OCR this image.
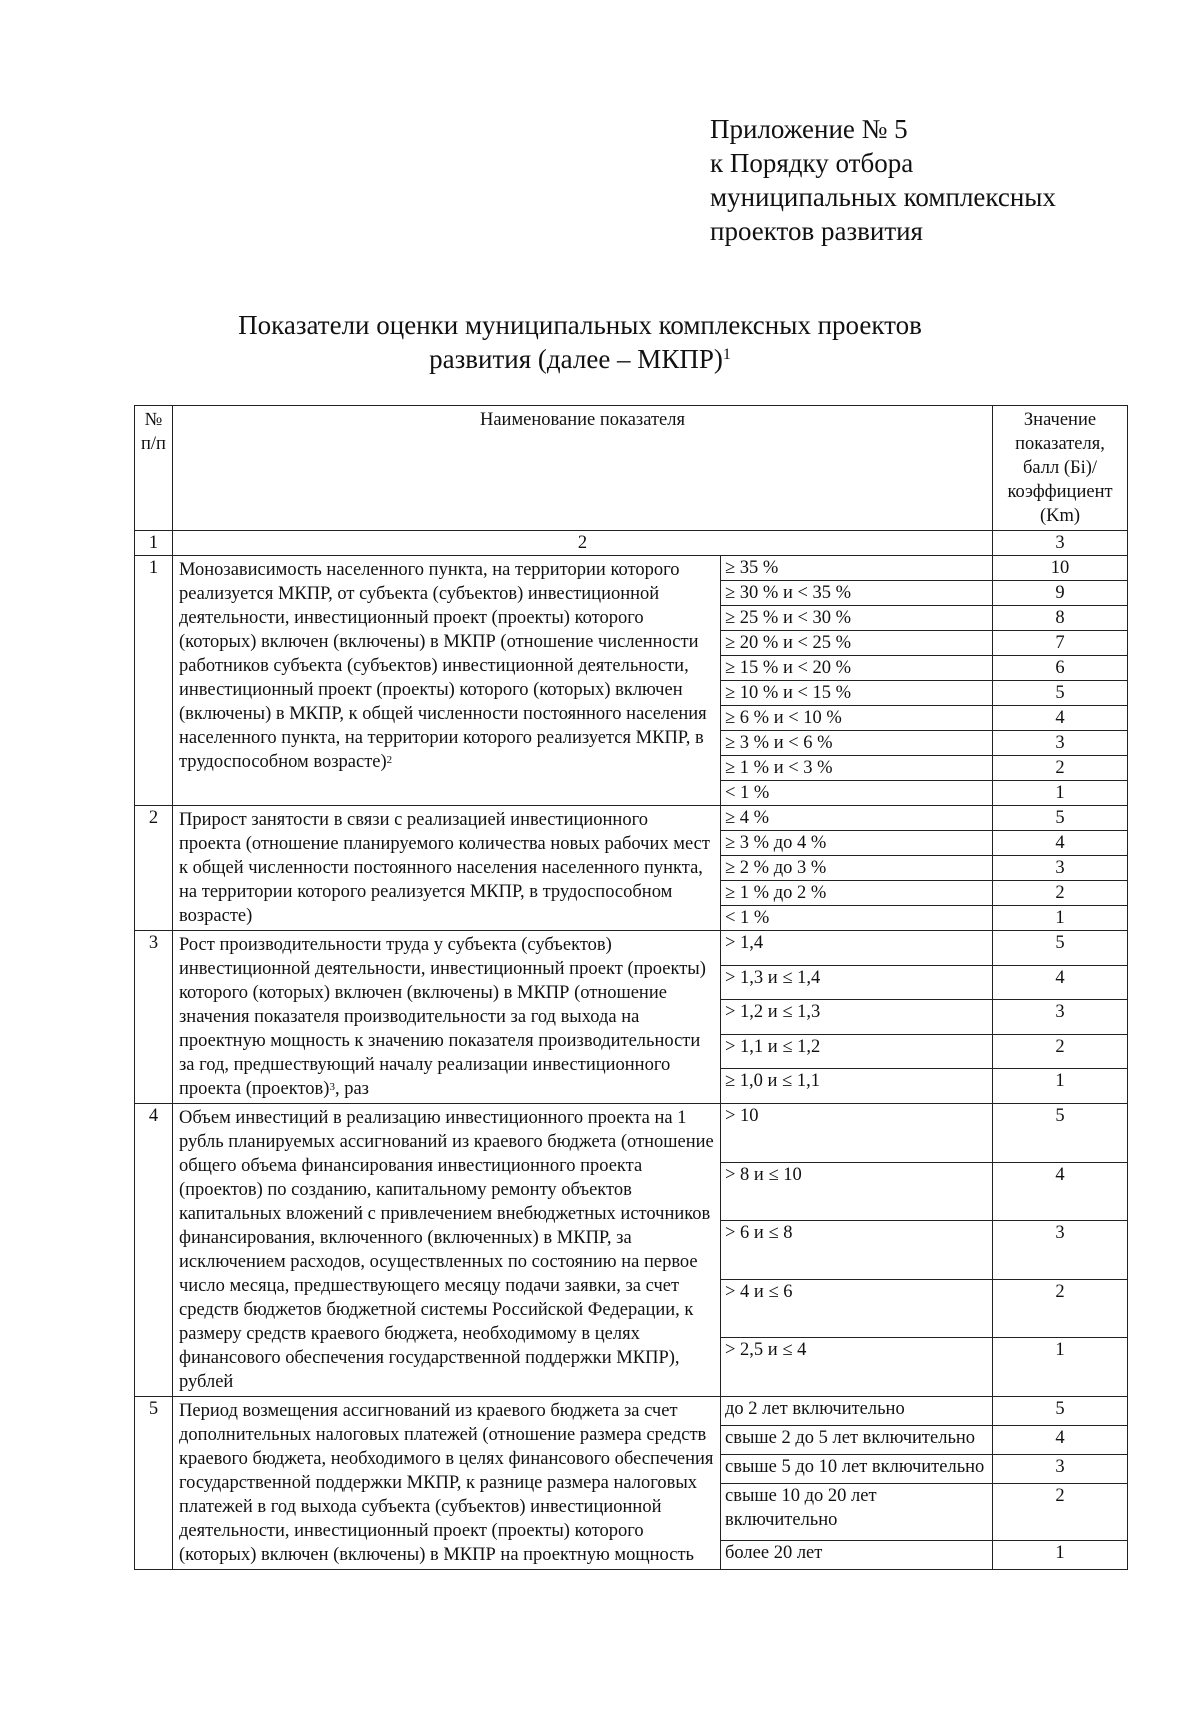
Приложение № 5
к Порядку отбора
муниципальных комплексных
проектов развития
Показатели оценки муниципальных комплексных проектов
развития (далее – МКПР)$^1$
№ п/п	Наименование показателя		Значение показателя, балл (Бi)/ коэффициент (Km)
1	2		3
1	Монозависимость населенного пункта, на территории которого реализуется МКПР, от субъекта (субъектов) инвестиционной деятельности, инвестиционный проект (проекты) которого (которых) включен (включены) в МКПР (отношение численности работников субъекта (субъектов) инвестиционной деятельности, инвестиционный проект (проекты) которого (которых) включен (включены) в МКПР, к общей численности постоянного населения населенного пункта, на территории которого реализуется МКПР, в трудоспособном возрасте)$^2$	≥ 35 %	10
		≥ 30 % и < 35 %	9
		≥ 25 % и < 30 %	8
		≥ 20 % и < 25 %	7
		≥ 15 % и < 20 %	6
		≥ 10 % и < 15 %	5
		≥ 6 % и < 10 %	4
		≥ 3 % и < 6 %	3
		≥ 1 % и < 3 %	2
		< 1 %	1
2	Прирост занятости в связи с реализацией инвестиционного проекта (отношение планируемого количества новых рабочих мест к общей численности постоянного населения населенного пункта, на территории которого реализуется МКПР, в трудоспособном возрасте)	≥ 4 %	5
		≥ 3 % до 4 %	4
		≥ 2 % до 3 %	3
		≥ 1 % до 2 %	2
		< 1 %	1
3	Рост производительности труда у субъекта (субъектов) инвестиционной деятельности, инвестиционный проект (проекты) которого (которых) включен (включены) в МКПР (отношение значения показателя производительности за год выхода на проектную мощность к значению показателя производительности за год, предшествующий началу реализации инвестиционного проекта (проектов)$^3$, раз	> 1,4	5
		> 1,3 и ≤ 1,4	4
		> 1,2 и ≤ 1,3	3
		> 1,1 и ≤ 1,2	2
		≥ 1,0 и ≤ 1,1	1
4	Объем инвестиций в реализацию инвестиционного проекта на 1 рубль планируемых ассигнований из краевого бюджета (отношение общего объема финансирования инвестиционного проекта (проектов) по созданию, капитальному ремонту объектов капитальных вложений с привлечением внебюджетных источников финансирования, включенного (включенных) в МКПР, за исключением расходов, осуществленных по состоянию на первое число месяца, предшествующего месяцу подачи заявки, за счет средств бюджетов бюджетной системы Российской Федерации, к размеру средств краевого бюджета, необходимому в целях финансового обеспечения государственной поддержки МКПР), рублей	> 10	5
		> 8 и ≤ 10	4
		> 6 и ≤ 8	3
		> 4 и ≤ 6	2
		> 2,5 и ≤ 4	1
5	Период возмещения ассигнований из краевого бюджета за счет дополнительных налоговых платежей (отношение размера средств краевого бюджета, необходимого в целях финансового обеспечения государственной поддержки МКПР, к разнице размера налоговых платежей в год выхода субъекта (субъектов) инвестиционной деятельности, инвестиционный проект (проекты) которого (которых) включен (включены) в МКПР на проектную мощность	до 2 лет включительно	5
		свыше 2 до 5 лет включительно	4
		свыше 5 до 10 лет включительно	3
		свыше 10 до 20 лет включительно	2
		более 20 лет	1
